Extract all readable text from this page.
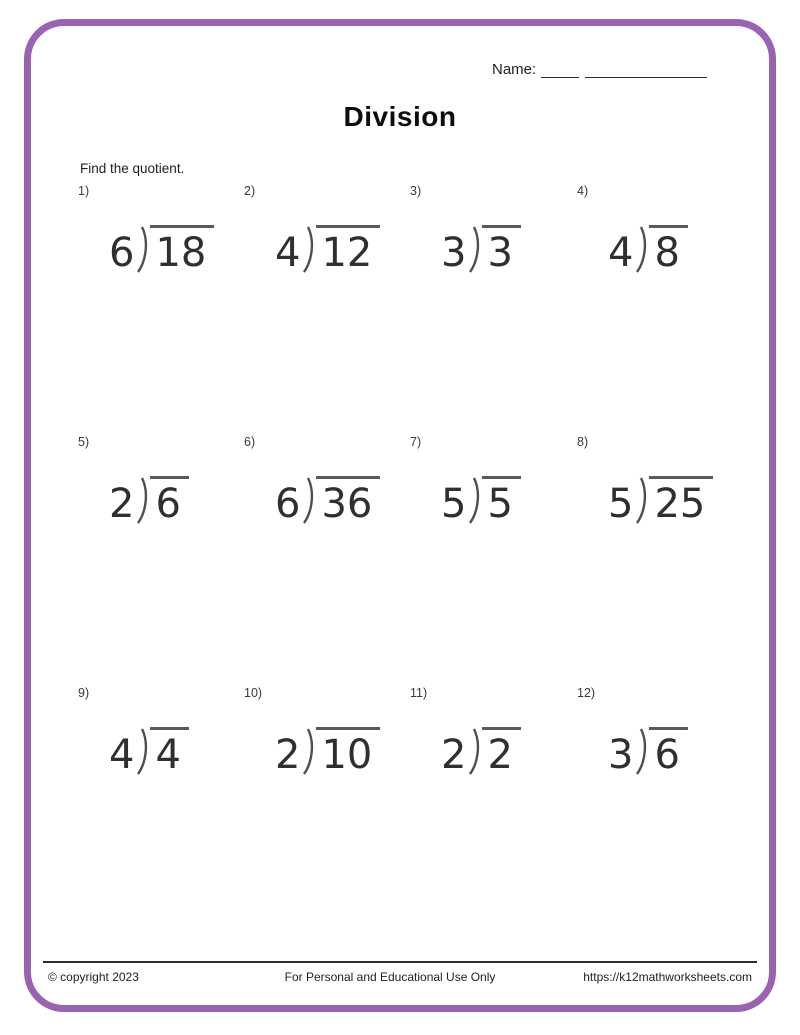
Name:
Division
Find the quotient.
1)
6 18
2)
4 12
3)
3 3
4)
4 8
5)
2 6
6)
6 36
7)
5 5
8)
5 25
9)
4 4
10)
2 10
11)
2 2
12)
3 6
© copyright 2023	For Personal and Educational Use Only	https://k12mathworksheets.com
